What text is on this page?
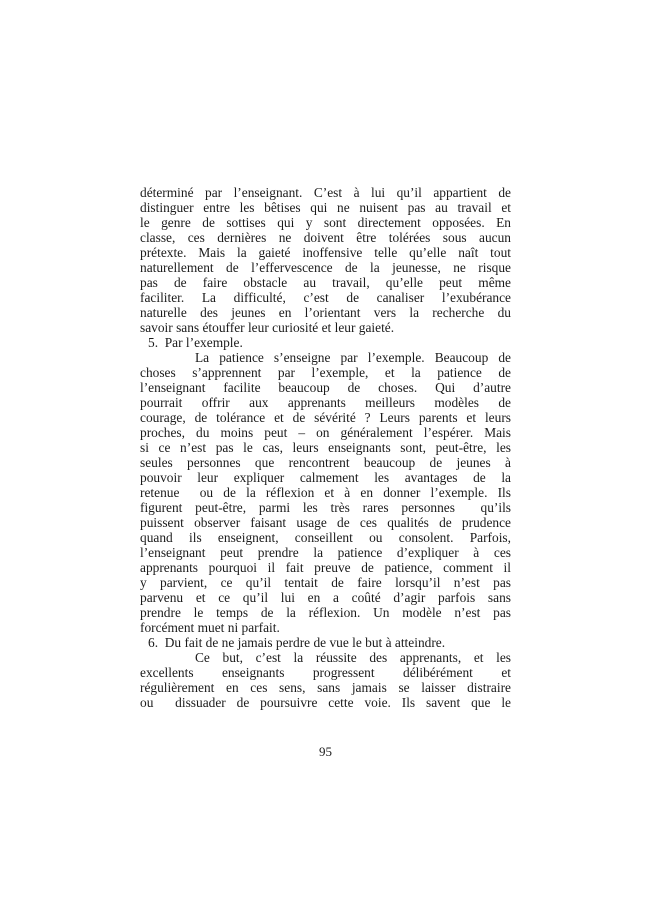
déterminé par l’enseignant. C’est à lui qu’il appartient de
distinguer entre les bêtises qui ne nuisent pas au travail et
le genre de sottises qui y sont directement opposées. En
classe, ces dernières ne doivent être tolérées sous aucun
prétexte. Mais la gaieté inoffensive telle qu’elle naît tout
naturellement de l’effervescence de la jeunesse, ne risque
pas de faire obstacle au travail, qu’elle peut même
faciliter. La difficulté, c’est de canaliser l’exubérance
naturelle des jeunes en l’orientant vers la recherche du
savoir sans étouffer leur curiosité et leur gaieté.
5.  Par l’exemple.
La patience s’enseigne par l’exemple. Beaucoup de
choses s’apprennent par l’exemple, et la patience de
l’enseignant facilite beaucoup de choses. Qui d’autre
pourrait offrir aux apprenants meilleurs modèles de
courage, de tolérance et de sévérité ? Leurs parents et leurs
proches, du moins peut – on généralement l’espérer. Mais
si ce n’est pas le cas, leurs enseignants sont, peut-être, les
seules personnes que rencontrent beaucoup de jeunes à
pouvoir leur expliquer calmement les avantages de la
retenue  ou de la réflexion et à en donner l’exemple. Ils
figurent peut-être, parmi les très rares personnes  qu’ils
puissent observer faisant usage de ces qualités de prudence
quand ils enseignent, conseillent ou consolent. Parfois,
l’enseignant peut prendre la patience d’expliquer à ces
apprenants pourquoi il fait preuve de patience, comment il
y parvient, ce qu’il tentait de faire lorsqu’il n’est pas
parvenu et ce qu’il lui en a coûté d’agir parfois sans
prendre le temps de la réflexion. Un modèle n’est pas
forcément muet ni parfait.
6.  Du fait de ne jamais perdre de vue le but à atteindre.
Ce but, c’est la réussite des apprenants, et les
excellents enseignants progressent délibérément et
régulièrement en ces sens, sans jamais se laisser distraire
ou  dissuader de poursuivre cette voie. Ils savent que le
95
